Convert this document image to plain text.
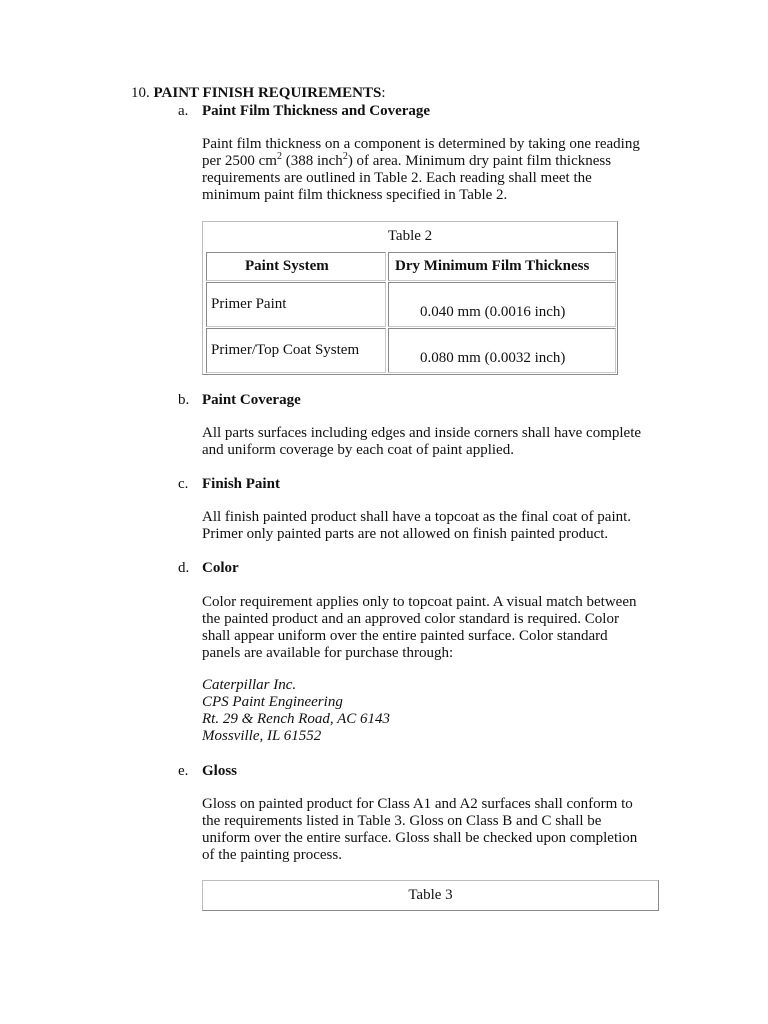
10. PAINT FINISH REQUIREMENTS:
a. Paint Film Thickness and Coverage

Paint film thickness on a component is determined by taking one reading

per 2500 $cm^2$ (388 inch$^2$) of area. Minimum dry paint film thickness

requirements are outlined in Table 2. Each reading shall meet the

minimum paint film thickness specified in Table 2.

Table 2
Paint System	Dry Minimum Film Thickness
Primer Paint	0.040 mm (0.0016 inch)
Primer/Top Coat System	0.080 mm (0.0032 inch)
b. Paint Coverage

All parts surfaces including edges and inside corners shall have complete

and uniform coverage by each coat of paint applied.

c. Finish Paint

All finish painted product shall have a topcoat as the final coat of paint.

Primer only painted parts are not allowed on finish painted product.

d. Color

Color requirement applies only to topcoat paint. A visual match between

the painted product and an approved color standard is required. Color

shall appear uniform over the entire painted surface. Color standard

panels are available for purchase through:

Caterpillar Inc.
CPS Paint Engineering
Rt. 29 & Rench Road, AC 6143
Mossville, IL 61552
e. Gloss

Gloss on painted product for Class A1 and A2 surfaces shall conform to

the requirements listed in Table 3. Gloss on Class B and C shall be

uniform over the entire surface. Gloss shall be checked upon completion

of the painting process.

Table 3
